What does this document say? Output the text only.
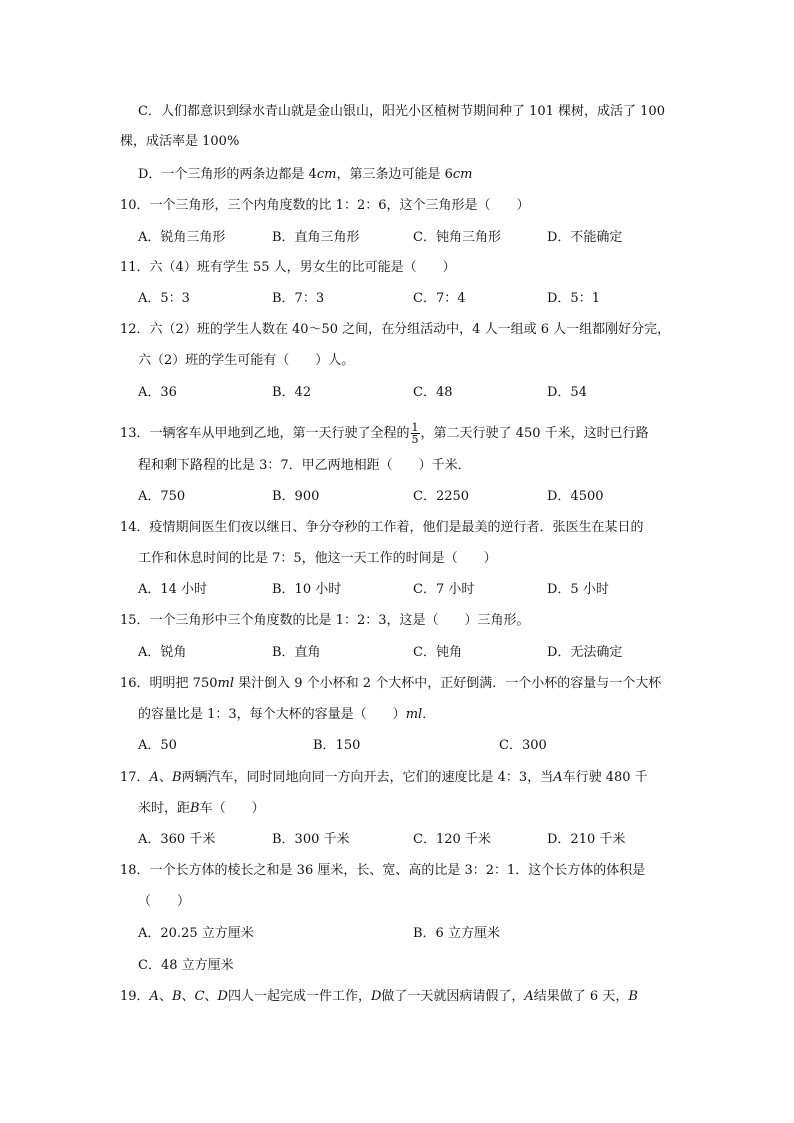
C．人们都意识到绿水青山就是金山银山，阳光小区植树节期间种了 101 棵树，成活了 100
棵，成活率是 100%
D．一个三角形的两条边都是 4cm，第三条边可能是 6cm
10．一个三角形，三个内角度数的比 1：2：6，这个三角形是（　　）
A．锐角三角形	B．直角三角形	C．钝角三角形	D．不能确定
11．六（4）班有学生 55 人，男女生的比可能是（　　）
A．5：3	B．7：3	C．7：4	D．5：1
12．六（2）班的学生人数在 40～50 之间，在分组活动中，4 人一组或 6 人一组都刚好分完，
六（2）班的学生可能有（　　）人。
A．36	B．42	C．48	D．54
13．一辆客车从甲地到乙地，第一天行驶了全程的 $\frac{1}{5}$ ，第二天行驶了 450 千米，这时已行路
程和剩下路程的比是 3：7．甲乙两地相距（　　）千米．
A．750	B．900	C．2250	D．4500
14．疫情期间医生们夜以继日、争分夺秒的工作着，他们是最美的逆行者．张医生在某日的
工作和休息时间的比是 7：5，他这一天工作的时间是（　　）
A．14 小时	B．10 小时	C．7 小时	D．5 小时
15．一个三角形中三个角度数的比是 1：2：3，这是（　　）三角形。
A．锐角	B．直角	C．钝角	D．无法确定
16．明明把 750ml 果汁倒入 9 个小杯和 2 个大杯中，正好倒满．一个小杯的容量与一个大杯
的容量比是 1：3，每个大杯的容量是（　　）ml．
A．50	B．150	C．300
17．A、B两辆汽车，同时同地向同一方向开去，它们的速度比是 4：3，当A车行驶 480 千
米时，距B车（　　）
A．360 千米	B．300 千米	C．120 千米	D．210 千米
18．一个长方体的棱长之和是 36 厘米，长、宽、高的比是 3：2：1．这个长方体的体积是
（　　）
A．20.25 立方厘米	B．6 立方厘米
C．48 立方厘米
19．A、B、C、D四人一起完成一件工作，D做了一天就因病请假了，A结果做了 6 天，B
